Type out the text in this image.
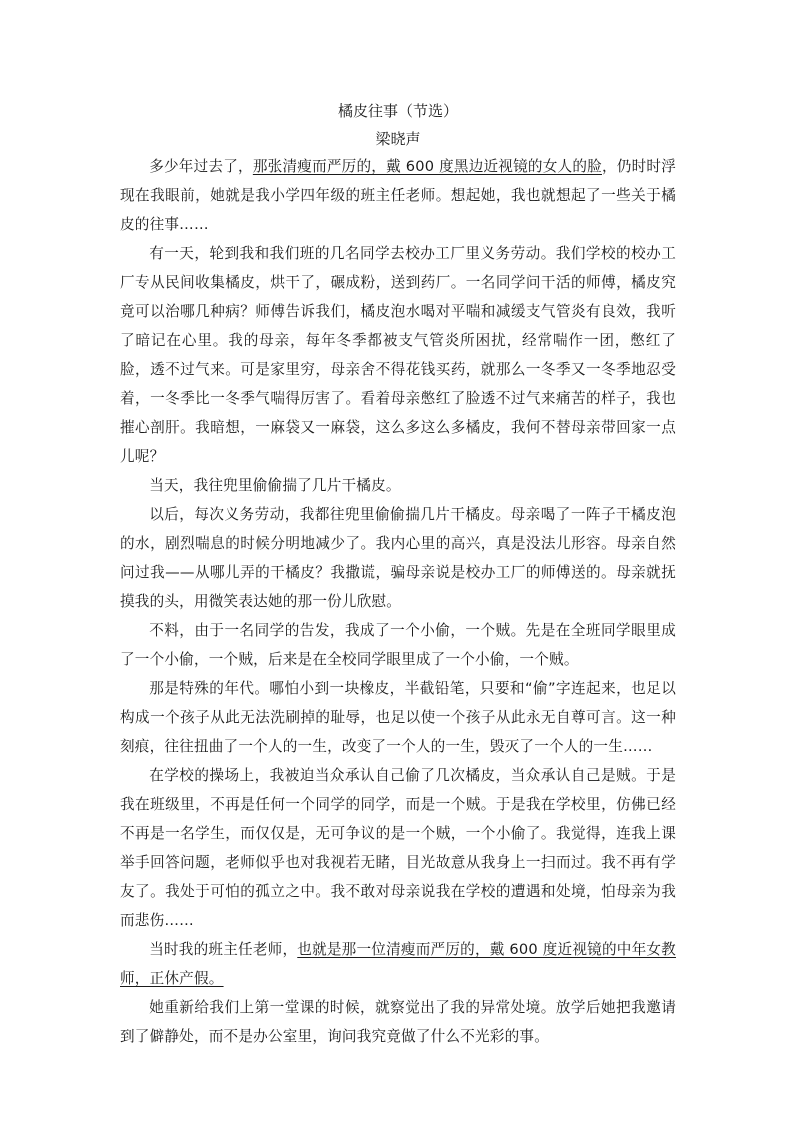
橘皮往事（节选）

梁晓声

多少年过去了，那张清瘦而严厉的，戴 600 度黑边近视镜的女人的脸，仍时时浮现在我眼前，她就是我小学四年级的班主任老师。想起她，我也就想起了一些关于橘皮的往事……

有一天，轮到我和我们班的几名同学去校办工厂里义务劳动。我们学校的校办工厂专从民间收集橘皮，烘干了，碾成粉，送到药厂。一名同学问干活的师傅，橘皮究竟可以治哪几种病？师傅告诉我们，橘皮泡水喝对平喘和减缓支气管炎有良效，我听了暗记在心里。我的母亲，每年冬季都被支气管炎所困扰，经常喘作一团，憋红了脸，透不过气来。可是家里穷，母亲舍不得花钱买药，就那么一冬季又一冬季地忍受着，一冬季比一冬季气喘得厉害了。看着母亲憋红了脸透不过气来痛苦的样子，我也摧心剖肝。我暗想，一麻袋又一麻袋，这么多这么多橘皮，我何不替母亲带回家一点儿呢？

当天，我往兜里偷偷揣了几片干橘皮。

以后，每次义务劳动，我都往兜里偷偷揣几片干橘皮。母亲喝了一阵子干橘皮泡的水，剧烈喘息的时候分明地减少了。我内心里的高兴，真是没法儿形容。母亲自然问过我——从哪儿弄的干橘皮？我撒谎，骗母亲说是校办工厂的师傅送的。母亲就抚摸我的头，用微笑表达她的那一份儿欣慰。

不料，由于一名同学的告发，我成了一个小偷，一个贼。先是在全班同学眼里成了一个小偷，一个贼，后来是在全校同学眼里成了一个小偷，一个贼。

那是特殊的年代。哪怕小到一块橡皮，半截铅笔，只要和“偷”字连起来，也足以构成一个孩子从此无法洗刷掉的耻辱，也足以使一个孩子从此永无自尊可言。这一种刻痕，往往扭曲了一个人的一生，改变了一个人的一生，毁灭了一个人的一生……

在学校的操场上，我被迫当众承认自己偷了几次橘皮，当众承认自己是贼。于是我在班级里，不再是任何一个同学的同学，而是一个贼。于是我在学校里，仿佛已经不再是一名学生，而仅仅是，无可争议的是一个贼，一个小偷了。我觉得，连我上课举手回答问题，老师似乎也对我视若无睹，目光故意从我身上一扫而过。我不再有学友了。我处于可怕的孤立之中。我不敢对母亲说我在学校的遭遇和处境，怕母亲为我而悲伤……

当时我的班主任老师，也就是那一位清瘦而严厉的，戴 600 度近视镜的中年女教师，正休产假。

她重新给我们上第一堂课的时候，就察觉出了我的异常处境。放学后她把我邀请到了僻静处，而不是办公室里，询问我究竟做了什么不光彩的事。
